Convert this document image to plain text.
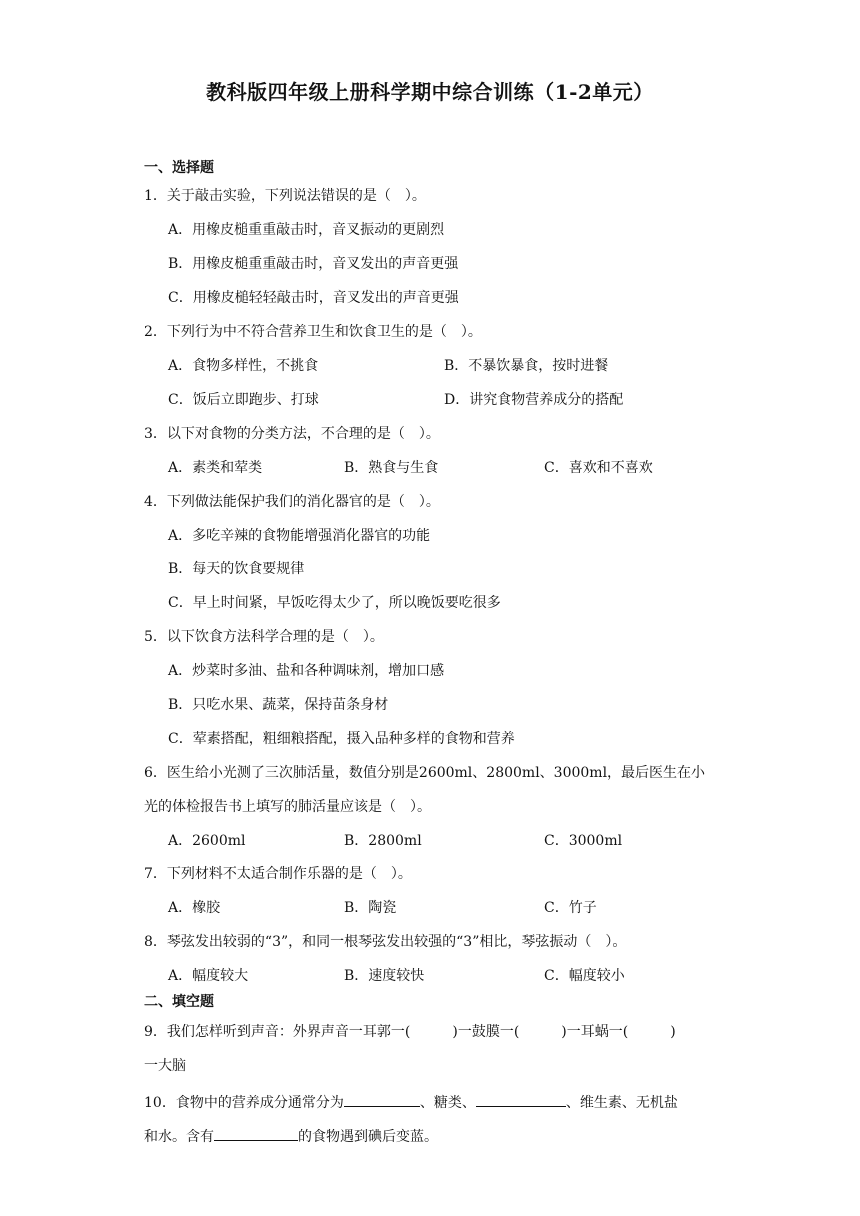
教科版四年级上册科学期中综合训练（1-2单元）
一、选择题
1．关于敲击实验，下列说法错误的是（　）。
A．用橡皮槌重重敲击时，音叉振动的更剧烈
B．用橡皮槌重重敲击时，音叉发出的声音更强
C．用橡皮槌轻轻敲击时，音叉发出的声音更强
2．下列行为中不符合营养卫生和饮食卫生的是（　）。
A．食物多样性，不挑食	B．不暴饮暴食，按时进餐
C．饭后立即跑步、打球	D．讲究食物营养成分的搭配
3．以下对食物的分类方法，不合理的是（　）。
A．素类和荤类	B．熟食与生食	C．喜欢和不喜欢
4．下列做法能保护我们的消化器官的是（　）。
A．多吃辛辣的食物能增强消化器官的功能
B．每天的饮食要规律
C．早上时间紧，早饭吃得太少了，所以晚饭要吃很多
5．以下饮食方法科学合理的是（　）。
A．炒菜时多油、盐和各种调味剂，增加口感
B．只吃水果、蔬菜，保持苗条身材
C．荤素搭配，粗细粮搭配，摄入品种多样的食物和营养
6．医生给小光测了三次肺活量，数值分别是2600ml、2800ml、3000ml，最后医生在小
光的体检报告书上填写的肺活量应该是（　）。
A．2600ml	B．2800ml	C．3000ml
7．下列材料不太适合制作乐器的是（　）。
A．橡胶	B．陶瓷	C．竹子
8．琴弦发出较弱的“3”，和同一根琴弦发出较强的“3”相比，琴弦振动（　）。
A．幅度较大	B．速度较快	C．幅度较小
二、填空题
9．我们怎样听到声音：外界声音一耳郭一(　　　)一鼓膜一(　　　)一耳蜗一(　　　)
一大脑
10．食物中的营养成分通常分为	、糖类、	、维生素、无机盐
和水。含有	的食物遇到碘后变蓝。
